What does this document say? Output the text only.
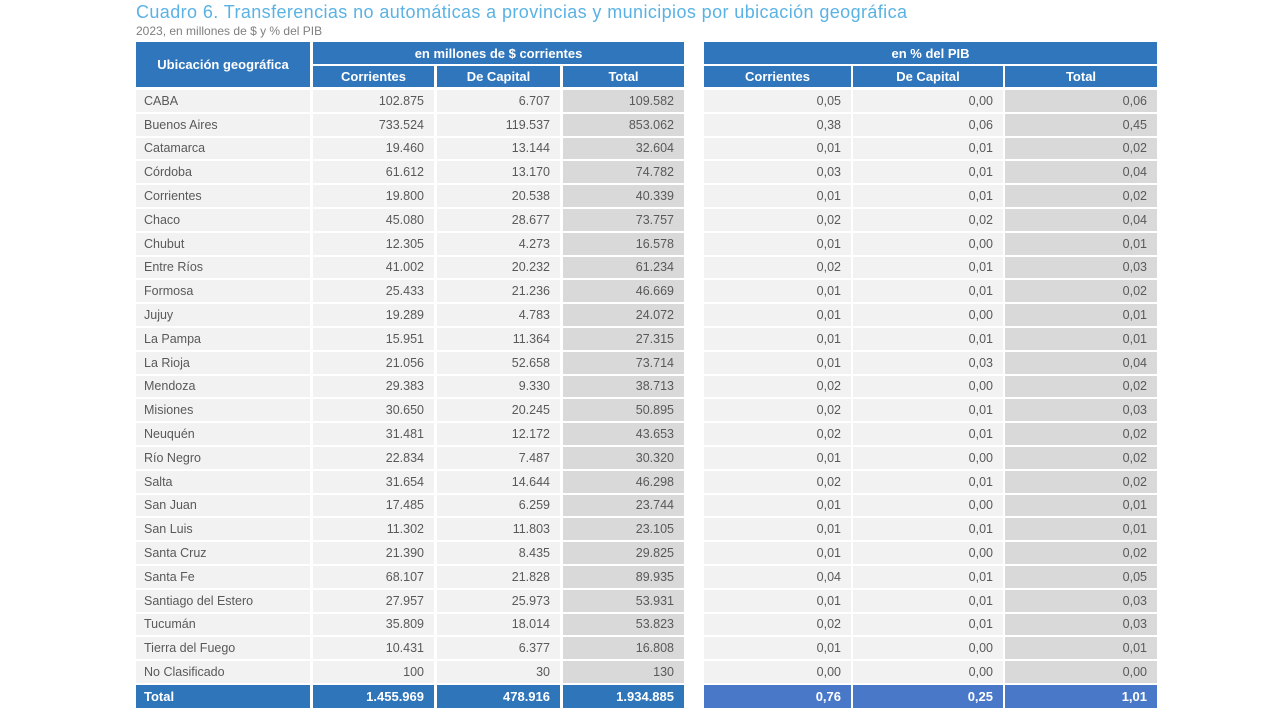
Cuadro 6. Transferencias no automáticas a provincias y municipios por ubicación geográfica
2023, en millones de $ y % del PIB
Ubicación geográfica
en millones de $ corrientes	en % del PIB
Corrientes	De Capital	Total	Corrientes	De Capital	Total
CABA	102.875	6.707	109.582	0,05	0,00	0,06
Buenos Aires	733.524	119.537	853.062	0,38	0,06	0,45
Catamarca	19.460	13.144	32.604	0,01	0,01	0,02
Córdoba	61.612	13.170	74.782	0,03	0,01	0,04
Corrientes	19.800	20.538	40.339	0,01	0,01	0,02
Chaco	45.080	28.677	73.757	0,02	0,02	0,04
Chubut	12.305	4.273	16.578	0,01	0,00	0,01
Entre Ríos	41.002	20.232	61.234	0,02	0,01	0,03
Formosa	25.433	21.236	46.669	0,01	0,01	0,02
Jujuy	19.289	4.783	24.072	0,01	0,00	0,01
La Pampa	15.951	11.364	27.315	0,01	0,01	0,01
La Rioja	21.056	52.658	73.714	0,01	0,03	0,04
Mendoza	29.383	9.330	38.713	0,02	0,00	0,02
Misiones	30.650	20.245	50.895	0,02	0,01	0,03
Neuquén	31.481	12.172	43.653	0,02	0,01	0,02
Río Negro	22.834	7.487	30.320	0,01	0,00	0,02
Salta	31.654	14.644	46.298	0,02	0,01	0,02
San Juan	17.485	6.259	23.744	0,01	0,00	0,01
San Luis	11.302	11.803	23.105	0,01	0,01	0,01
Santa Cruz	21.390	8.435	29.825	0,01	0,00	0,02
Santa Fe	68.107	21.828	89.935	0,04	0,01	0,05
Santiago del Estero	27.957	25.973	53.931	0,01	0,01	0,03
Tucumán	35.809	18.014	53.823	0,02	0,01	0,03
Tierra del Fuego	10.431	6.377	16.808	0,01	0,00	0,01
No Clasificado	100	30	130	0,00	0,00	0,00
Total	1.455.969	478.916	1.934.885	0,76	0,25	1,01
